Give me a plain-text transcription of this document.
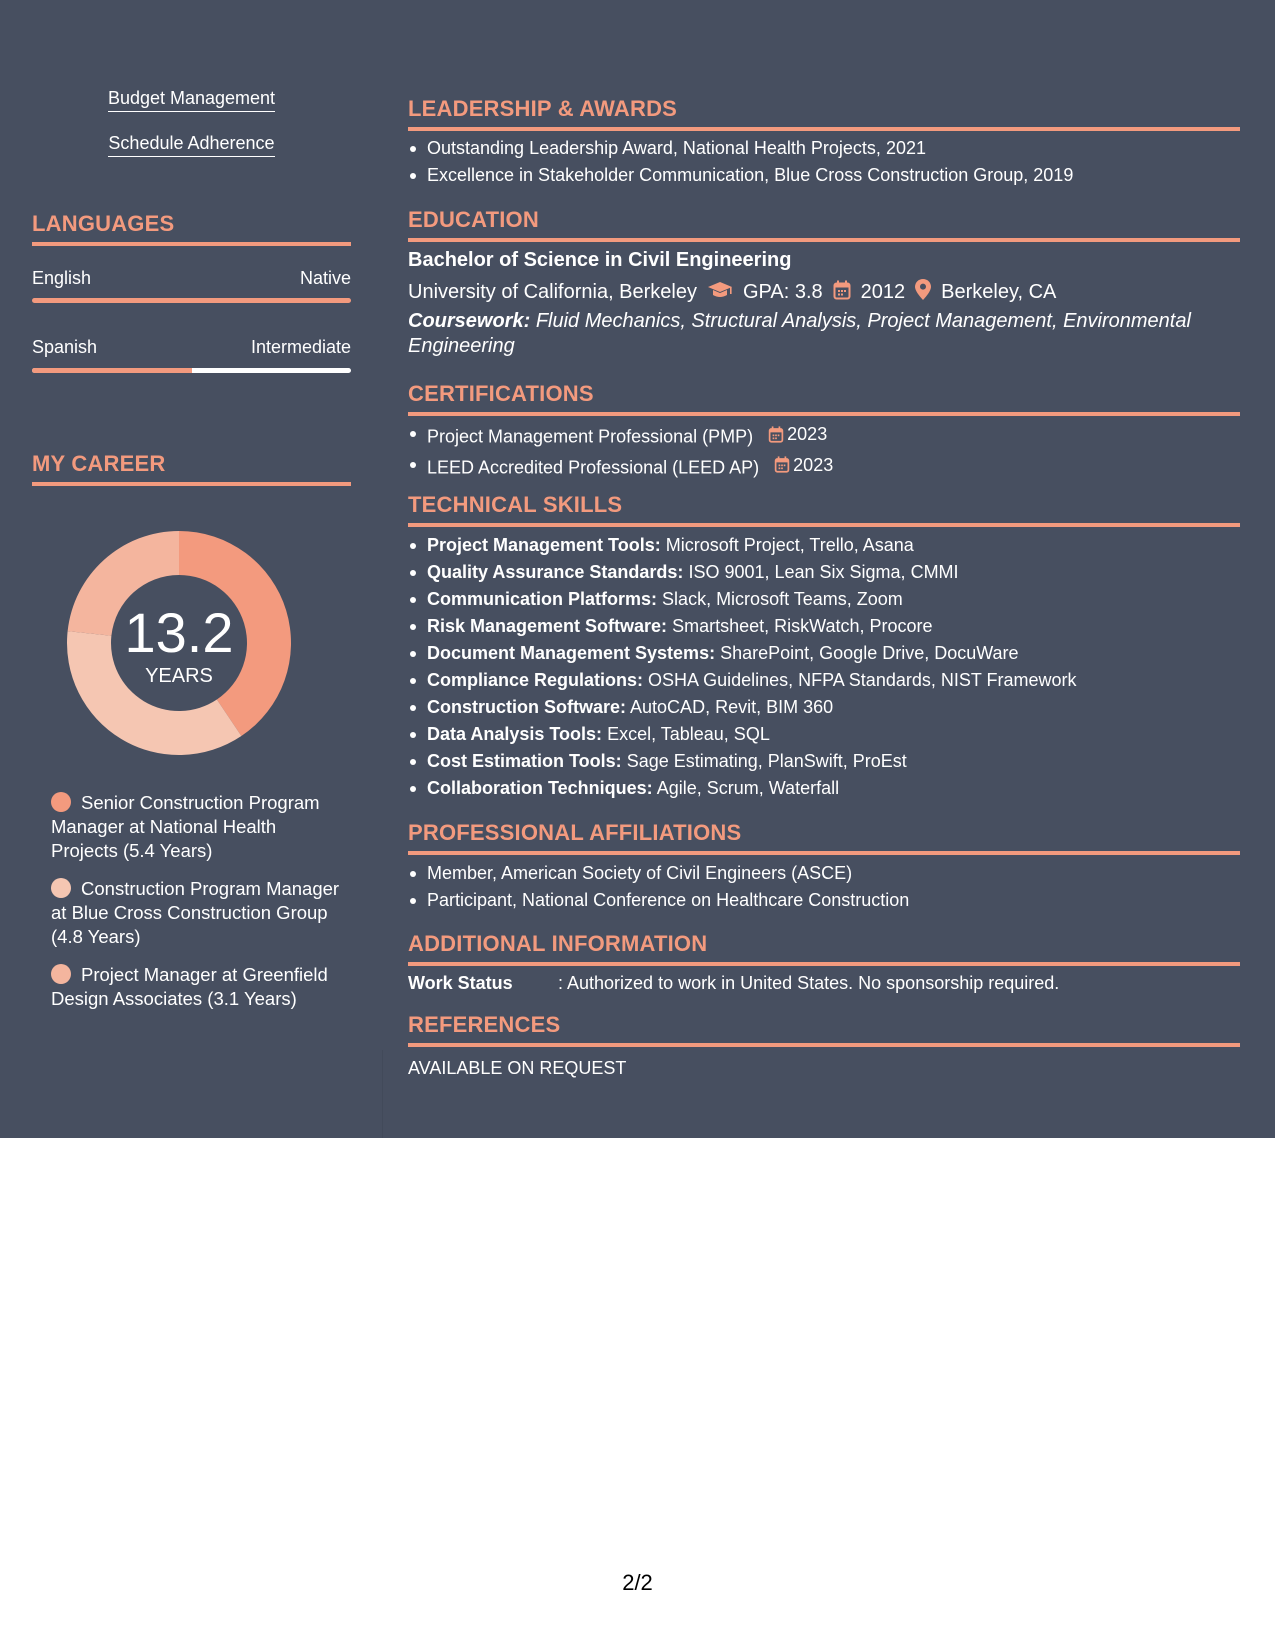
Budget Management
Schedule Adherence
LANGUAGES
English	Native
Spanish	Intermediate
MY CAREER
13.2
YEARS
Senior Construction Program Manager at National Health Projects (5.4 Years)
Construction Program Manager at Blue Cross Construction Group (4.8 Years)
Project Manager at Greenfield Design Associates (3.1 Years)
LEADERSHIP & AWARDS
Outstanding Leadership Award, National Health Projects, 2021
Excellence in Stakeholder Communication, Blue Cross Construction Group, 2019
EDUCATION
Bachelor of Science in Civil Engineering
University of California, Berkeley GPA: 3.8 2012 Berkeley, CA
Coursework: Fluid Mechanics, Structural Analysis, Project Management, Environmental Engineering
CERTIFICATIONS
Project Management Professional (PMP) 2023
LEED Accredited Professional (LEED AP) 2023
TECHNICAL SKILLS
Project Management Tools: Microsoft Project, Trello, Asana
Quality Assurance Standards: ISO 9001, Lean Six Sigma, CMMI
Communication Platforms: Slack, Microsoft Teams, Zoom
Risk Management Software: Smartsheet, RiskWatch, Procore
Document Management Systems: SharePoint, Google Drive, DocuWare
Compliance Regulations: OSHA Guidelines, NFPA Standards, NIST Framework
Construction Software: AutoCAD, Revit, BIM 360
Data Analysis Tools: Excel, Tableau, SQL
Cost Estimation Tools: Sage Estimating, PlanSwift, ProEst
Collaboration Techniques: Agile, Scrum, Waterfall
PROFESSIONAL AFFILIATIONS
Member, American Society of Civil Engineers (ASCE)
Participant, National Conference on Healthcare Construction
ADDITIONAL INFORMATION
Work Status	: Authorized to work in United States. No sponsorship required.
REFERENCES
AVAILABLE ON REQUEST
2/2
